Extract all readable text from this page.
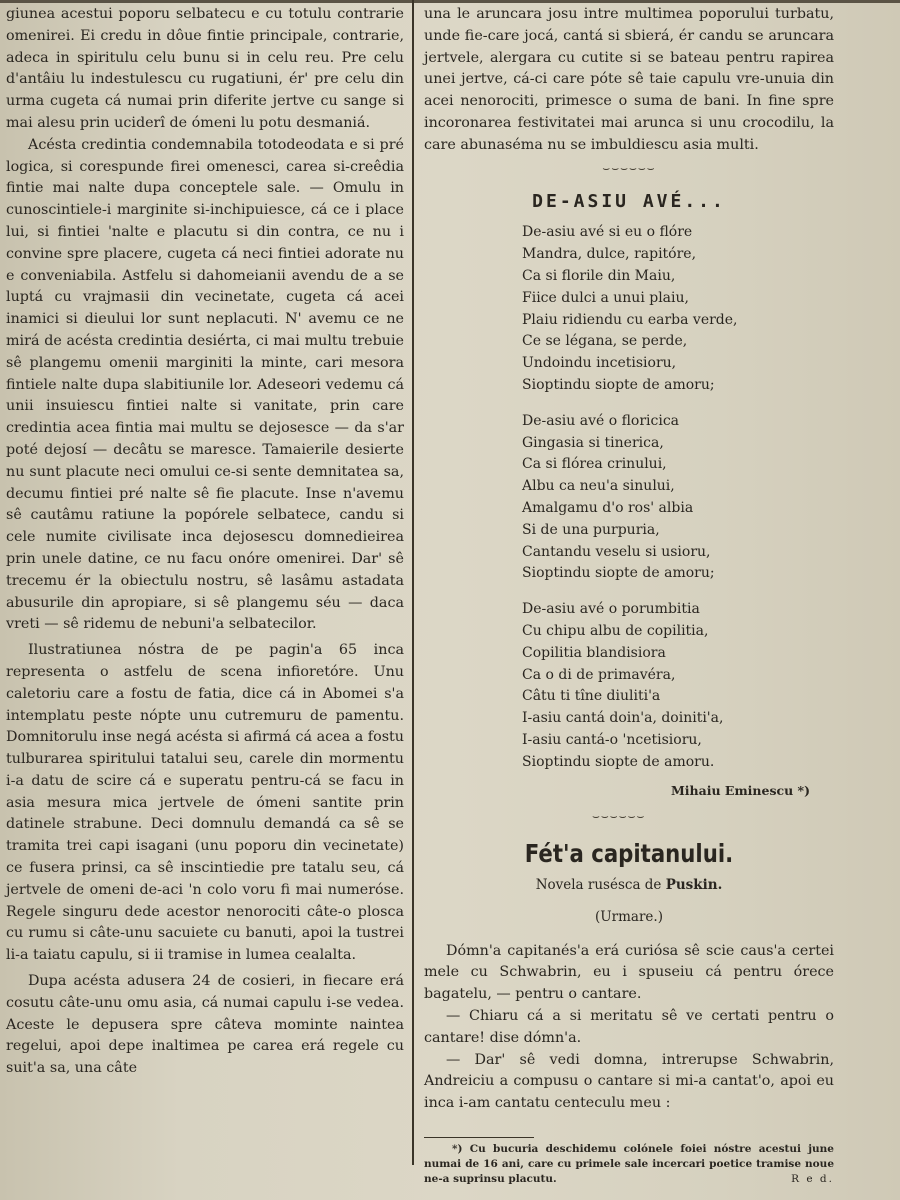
giunea acestui poporu selbatecu e cu totulu contrarie omenirei. Ei credu in dôue fintie principale, contrarie, adeca in spiritulu celu bunu si in celu reu. Pre celu d'antâiu lu indestulescu cu rugatiuni, ér' pre celu din urma cugeta cá numai prin diferite jertve cu sange si mai alesu prin uciderî de ómeni lu potu desmaniá.

Acésta credintia condemnabila totodeodata e si pré logica, si corespunde firei omenesci, carea si-creêdia fintie mai nalte dupa conceptele sale. — Omulu in cunoscintiele-i marginite si-inchipuiesce, cá ce i place lui, si fintiei 'nalte e placutu si din contra, ce nu i convine spre placere, cugeta cá neci fintiei adorate nu e conveniabila. Astfelu si dahomeianii avendu de a se luptá cu vrajmasii din vecinetate, cugeta cá acei inamici si dieului lor sunt neplacuti. N' avemu ce ne mirá de acésta credintia desiérta, ci mai multu trebuie sê plangemu omenii marginiti la minte, cari mesora fintiele nalte dupa slabitiunile lor. Adeseori vedemu cá unii insuiescu fintiei nalte si vanitate, prin care credintia acea fintia mai multu se dejosesce — da s'ar poté dejosí — decâtu se maresce. Tamaierile desierte nu sunt placute neci omului ce-si sente demnitatea sa, decumu fintiei pré nalte sê fie placute. Inse n'avemu sê cautâmu ratiune la popórele selbatece, candu si cele numite civilisate inca dejosescu domnedieirea prin unele datine, ce nu facu onóre omenirei. Dar' sê trecemu ér la obiectulu nostru, sê lasâmu astadata abusurile din apropiare, si sê plangemu séu — daca vreti — sê ridemu de nebuni'a selbatecilor.

Ilustratiunea nóstra de pe pagin'a 65 inca representa o astfelu de scena infioretóre. Unu caletoriu care a fostu de fatia, dice cá in Abomei s'a intemplatu peste nópte unu cutremuru de pamentu. Domnitorulu inse negá acésta si afirmá cá acea a fostu tulburarea spiritului tatalui seu, carele din mormentu i-a datu de scire cá e superatu pentru-cá se facu in asia mesura mica jertvele de ómeni santite prin datinele strabune. Deci domnulu demandá ca sê se tramita trei capi isagani (unu poporu din vecinetate) ce fusera prinsi, ca sê inscintiedie pre tatalu seu, cá jertvele de omeni de-aci 'n colo voru fi mai numeróse. Regele singuru dede acestor nenorociti câte-o plosca cu rumu si câte-unu sacuiete cu banuti, apoi la tustrei li-a taiatu capulu, si ii tramise in lumea cealalta.

Dupa acésta adusera 24 de cosieri, in fiecare erá cosutu câte-unu omu asia, cá numai capulu i-se vedea. Aceste le depusera spre câteva mominte naintea regelui, apoi depe inaltimea pe carea erá regele cu suit'a sa, una câte

una le aruncara josu intre multimea poporului turbatu, unde fie-care jocá, cantá si sbierá, ér candu se aruncara jertvele, alergara cu cutite si se bateau pentru rapirea unei jertve, cá-ci care póte sê taie capulu vre-unuia din acei nenorociti, primesce o suma de bani. In fine spre incoronarea festivitatei mai arunca si unu crocodilu, la care abunaséma nu se imbuldiescu asia multi.

⌣⌣⌣⌣⌣⌣
DE-ASIU AVÉ...
De-asiu avé si eu o flóre
Mandra, dulce, rapitóre,
Ca si florile din Maiu,
Fiice dulci a unui plaiu,
Plaiu ridiendu cu earba verde,
Ce se légana, se perde,
Undoindu incetisioru,
Sioptindu siopte de amoru;
De-asiu avé o floricica
Gingasia si tinerica,
Ca si flórea crinului,
Albu ca neu'a sinului,
Amalgamu d'o ros' albia
Si de una purpuria,
Cantandu veselu si usioru,
Sioptindu siopte de amoru;
De-asiu avé o porumbitia
Cu chipu albu de copilitia,
Copilitia blandisiora
Ca o di de primavéra,
Câtu ti tîne diuliti'a
I-asiu cantá doin'a, doiniti'a,
I-asiu cantá-o 'ncetisioru,
Sioptindu siopte de amoru.
Mihaiu Eminescu *)
⌣⌣⌣⌣⌣⌣
Fét'a capitanului.
Novela rusésca de Puskin.
(Urmare.)

Dómn'a capitanés'a erá curiósa sê scie caus'a certei mele cu Schwabrin, eu i spuseiu cá pentru órece bagatelu, — pentru o cantare.

— Chiaru cá a si meritatu sê ve certati pentru o cantare! dise dómn'a.

— Dar' sê vedi domna, intrerupse Schwabrin, Andreiciu a compusu o cantare si mi-a cantat'o, apoi eu inca i-am cantatu centeculu meu :

*) Cu bucuria deschidemu colónele foiei nóstre acestui june numai de 16 ani, care cu primele sale incercari poetice tramise noue ne-a suprinsu placutu.	R e d.
